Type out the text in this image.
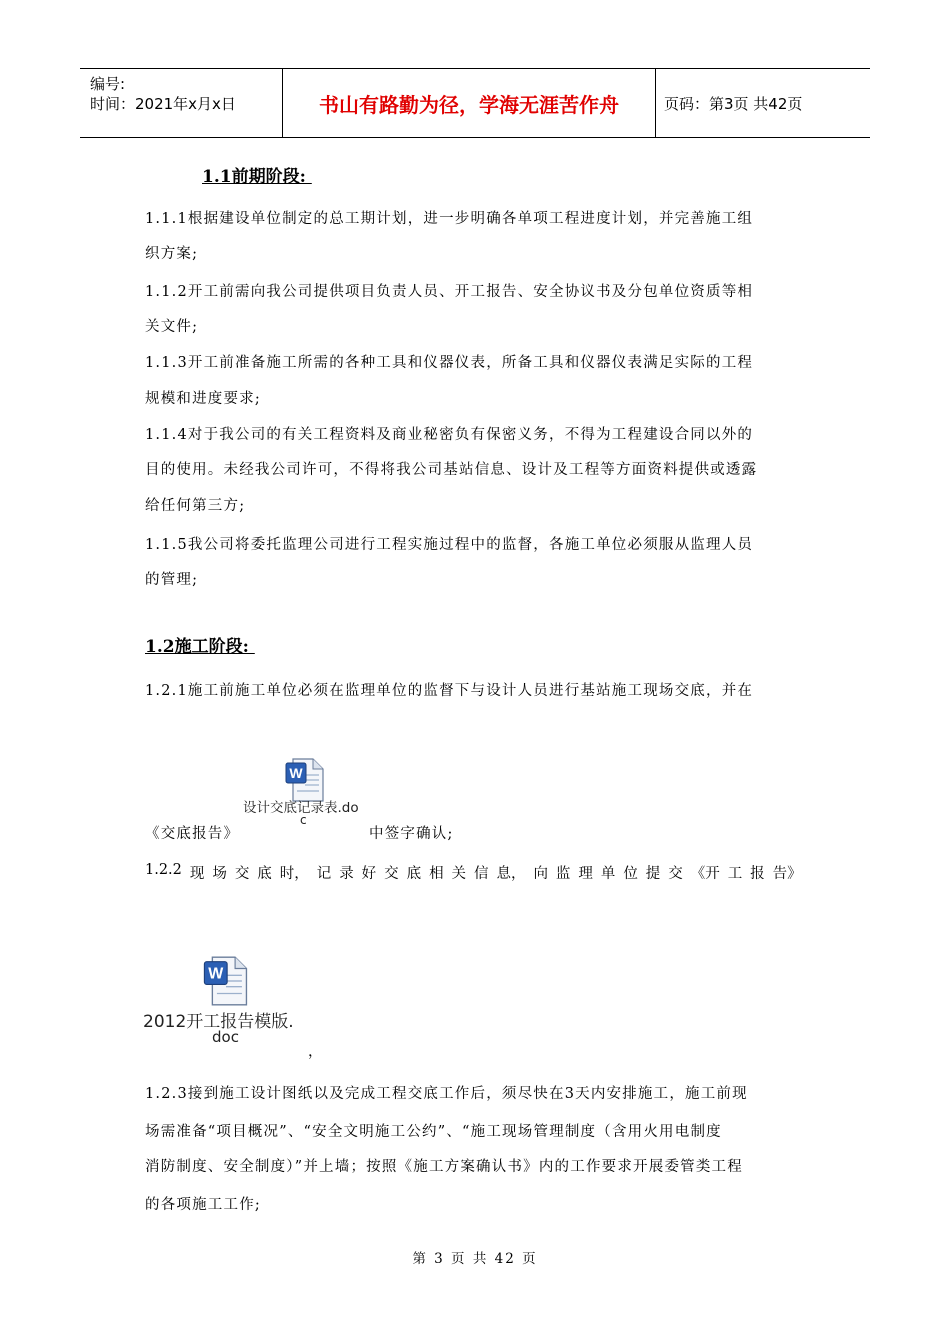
编号:
时间：2021年x月x日	书山有路勤为径，学海无涯苦作舟	页码：第3页 共42页
1.1前期阶段:
1.1.1根据建设单位制定的总工期计划，进一步明确各单项工程进度计划，并完善施工组
织方案;
1.1.2开工前需向我公司提供项目负责人员、开工报告、安全协议书及分包单位资质等相
关文件;
1.1.3开工前准备施工所需的各种工具和仪器仪表，所备工具和仪器仪表满足实际的工程
规模和进度要求;
1.1.4对于我公司的有关工程资料及商业秘密负有保密义务，不得为工程建设合同以外的
目的使用。未经我公司许可，不得将我公司基站信息、设计及工程等方面资料提供或透露
给任何第三方;
1.1.5我公司将委托监理公司进行工程实施过程中的监督，各施工单位必须服从监理人员
的管理;
1.2施工阶段:
1.2.1施工前施工单位必须在监理单位的监督下与设计人员进行基站施工现场交底，并在
W
设计交底记录表.do
c
《交底报告》	中签字确认;
1.2.2 现 场 交 底 时， 记 录 好 交 底 相 关 信 息， 向 监 理 单 位 提 交 《开 工 报 告》
W
2012开工报告模版.
doc
，
1.2.3接到施工设计图纸以及完成工程交底工作后，须尽快在3天内安排施工，施工前现
场需准备“项目概况”、“安全文明施工公约”、“施工现场管理制度（含用火用电制度
消防制度、安全制度）”并上墙；按照《施工方案确认书》内的工作要求开展委管类工程
的各项施工工作;
第 3 页 共 42 页
